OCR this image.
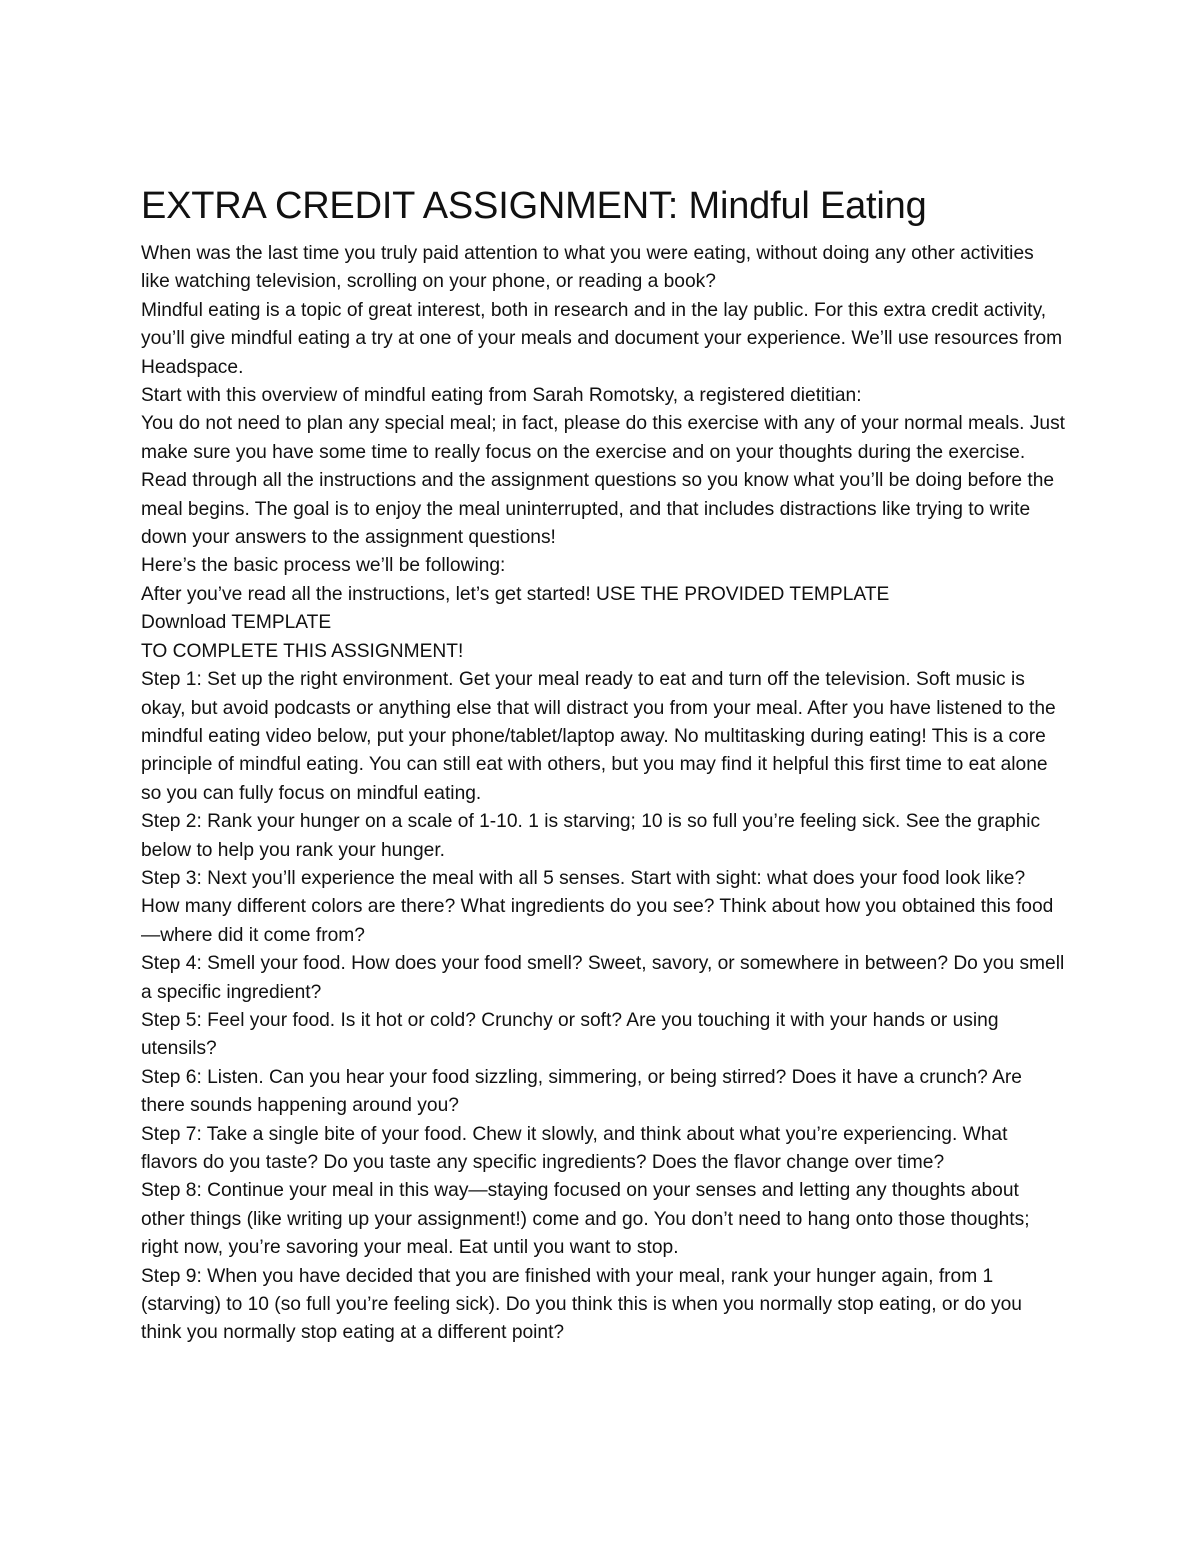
EXTRA CREDIT ASSIGNMENT: Mindful Eating

When was the last time you truly paid attention to what you were eating, without doing any other activities like watching television, scrolling on your phone, or reading a book?

Mindful eating is a topic of great interest, both in research and in the lay public. For this extra credit activity, you’ll give mindful eating a try at one of your meals and document your experience. We’ll use resources from Headspace.

Start with this overview of mindful eating from Sarah Romotsky, a registered dietitian:

You do not need to plan any special meal; in fact, please do this exercise with any of your normal meals. Just make sure you have some time to really focus on the exercise and on your thoughts during the exercise.

Read through all the instructions and the assignment questions so you know what you’ll be doing before the meal begins. The goal is to enjoy the meal uninterrupted, and that includes distractions like trying to write down your answers to the assignment questions!

Here’s the basic process we’ll be following:

After you’ve read all the instructions, let’s get started! USE THE PROVIDED TEMPLATE

Download TEMPLATE

TO COMPLETE THIS ASSIGNMENT!

Step 1: Set up the right environment. Get your meal ready to eat and turn off the television. Soft music is okay, but avoid podcasts or anything else that will distract you from your meal. After you have listened to the mindful eating video below, put your phone/tablet/laptop away. No multitasking during eating! This is a core principle of mindful eating. You can still eat with others, but you may find it helpful this first time to eat alone so you can fully focus on mindful eating.

Step 2: Rank your hunger on a scale of 1-10. 1 is starving; 10 is so full you’re feeling sick. See the graphic below to help you rank your hunger.

Step 3: Next you’ll experience the meal with all 5 senses. Start with sight: what does your food look like? How many different colors are there? What ingredients do you see? Think about how you obtained this food—where did it come from?

Step 4: Smell your food. How does your food smell? Sweet, savory, or somewhere in between? Do you smell a specific ingredient?

Step 5: Feel your food. Is it hot or cold? Crunchy or soft? Are you touching it with your hands or using utensils?

Step 6: Listen. Can you hear your food sizzling, simmering, or being stirred? Does it have a crunch? Are there sounds happening around you?

Step 7: Take a single bite of your food. Chew it slowly, and think about what you’re experiencing. What flavors do you taste? Do you taste any specific ingredients? Does the flavor change over time?

Step 8: Continue your meal in this way—staying focused on your senses and letting any thoughts about other things (like writing up your assignment!) come and go. You don’t need to hang onto those thoughts; right now, you’re savoring your meal. Eat until you want to stop.

Step 9: When you have decided that you are finished with your meal, rank your hunger again, from 1 (starving) to 10 (so full you’re feeling sick). Do you think this is when you normally stop eating, or do you think you normally stop eating at a different point?
